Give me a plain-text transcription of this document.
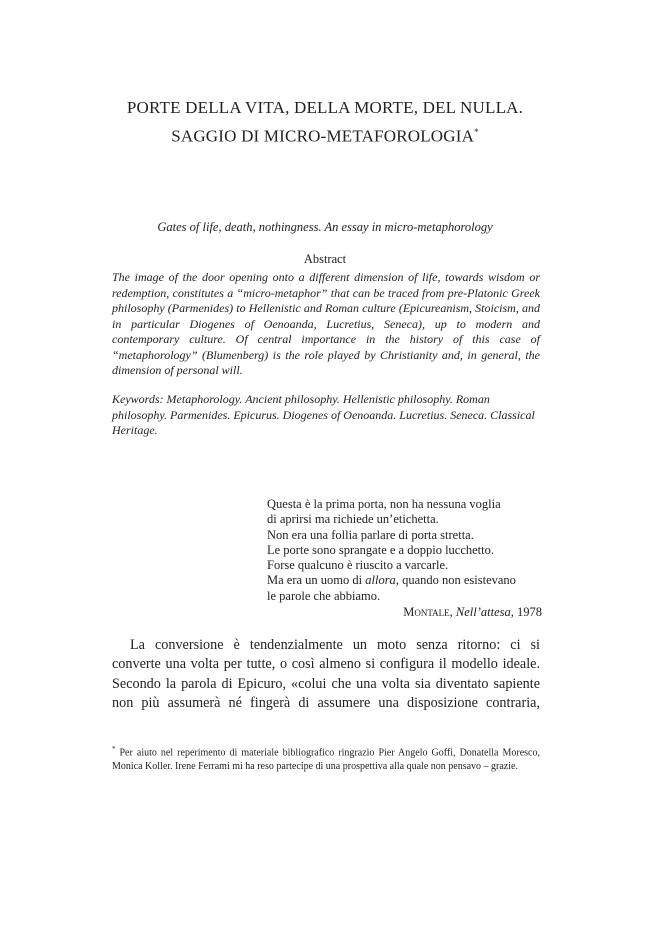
PORTE DELLA VITA, DELLA MORTE, DEL NULLA.
SAGGIO DI MICRO-METAFOROLOGIA*
Gates of life, death, nothingness. An essay in micro-metaphorology
Abstract
The image of the door opening onto a different dimension of life, towards wisdom or redemption, constitutes a “micro-metaphor” that can be traced from pre-Platonic Greek philosophy (Parmenides) to Hellenistic and Roman culture (Epicureanism, Stoicism, and in particular Diogenes of Oenoanda, Lucretius, Seneca), up to modern and contemporary culture. Of central importance in the history of this case of “metaphorology” (Blumenberg) is the role played by Christianity and, in general, the dimension of personal will.
Keywords: Metaphorology. Ancient philosophy. Hellenistic philosophy. Roman philosophy. Parmenides. Epicurus. Diogenes of Oenoanda. Lucretius. Seneca. Classical Heritage.
Questa è la prima porta, non ha nessuna voglia
di aprirsi ma richiede un’etichetta.
Non era una follia parlare di porta stretta.
Le porte sono sprangate e a doppio lucchetto.
Forse qualcuno è riuscito a varcarle.
Ma era un uomo di allora, quando non esistevano
le parole che abbiamo.
Montale, Nell’attesa, 1978
La conversione è tendenzialmente un moto senza ritorno: ci si
converte una volta per tutte, o così almeno si configura il modello ideale.
Secondo la parola di Epicuro, «colui che una volta sia diventato sapiente
non più assumerà né fingerà di assumere una disposizione contraria,
* Per aiuto nel reperimento di materiale bibliografico ringrazio Pier Angelo Goffi, Donatella Moresco, Monica Koller. Irene Ferrami mi ha reso partecipe di una prospettiva alla quale non pensavo – grazie.
